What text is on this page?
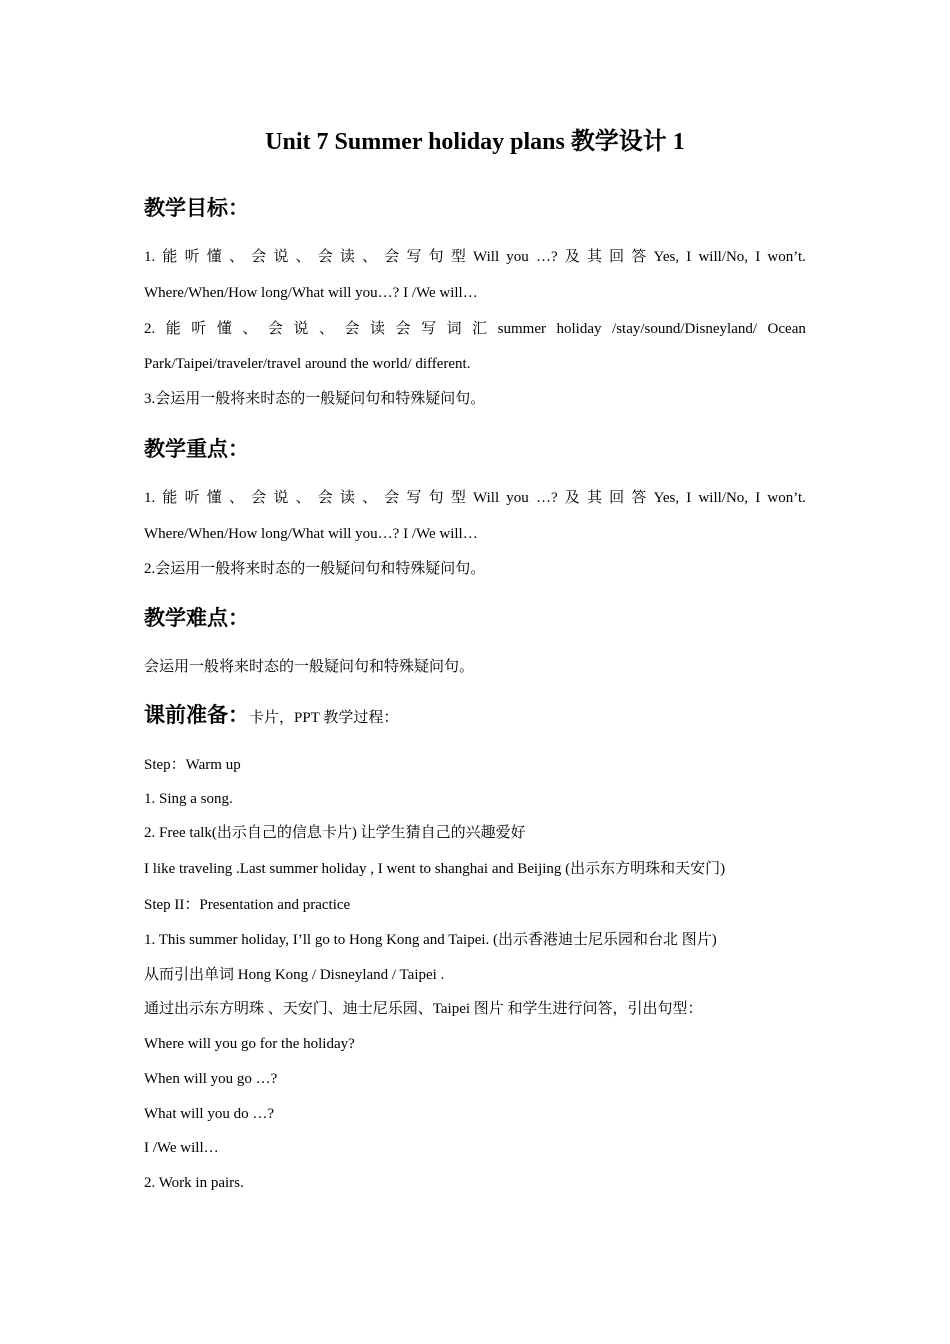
Unit 7 Summer holiday plans 教学设计 1
教学目标：
1. 能 听 懂 、 会 说 、 会 读 、 会 写 句 型 Will you …? 及 其 回 答 Yes, I will/No, I won’t.
Where/When/How long/What will you…? I /We will…
2. 能 听 懂 、 会 说 、 会 读 会 写 词 汇 summer holiday /stay/sound/Disneyland/ Ocean
Park/Taipei/traveler/travel around the world/ different.
3.会运用一般将来时态的一般疑问句和特殊疑问句。
教学重点：
1. 能 听 懂 、 会 说 、 会 读 、 会 写 句 型 Will you …? 及 其 回 答 Yes, I will/No, I won’t.
Where/When/How long/What will you…? I /We will…
2.会运用一般将来时态的一般疑问句和特殊疑问句。
教学难点：
会运用一般将来时态的一般疑问句和特殊疑问句。
课前准备：卡片，PPT 教学过程：
Step：Warm up
1. Sing a song.
2. Free talk(出示自己的信息卡片) 让学生猜自己的兴趣爱好
I like traveling .Last summer holiday , I went to shanghai and Beijing (出示东方明珠和天安门)
Step II：Presentation and practice
1. This summer holiday, I’ll go to Hong Kong and Taipei. (出示香港迪士尼乐园和台北 图片)
从而引出单词 Hong Kong / Disneyland / Taipei .
通过出示东方明珠 、天安门、迪士尼乐园、Taipei 图片 和学生进行问答，引出句型：
Where will you go for the holiday?
When will you go …?
What will you do …?
I /We will…
2. Work in pairs.
